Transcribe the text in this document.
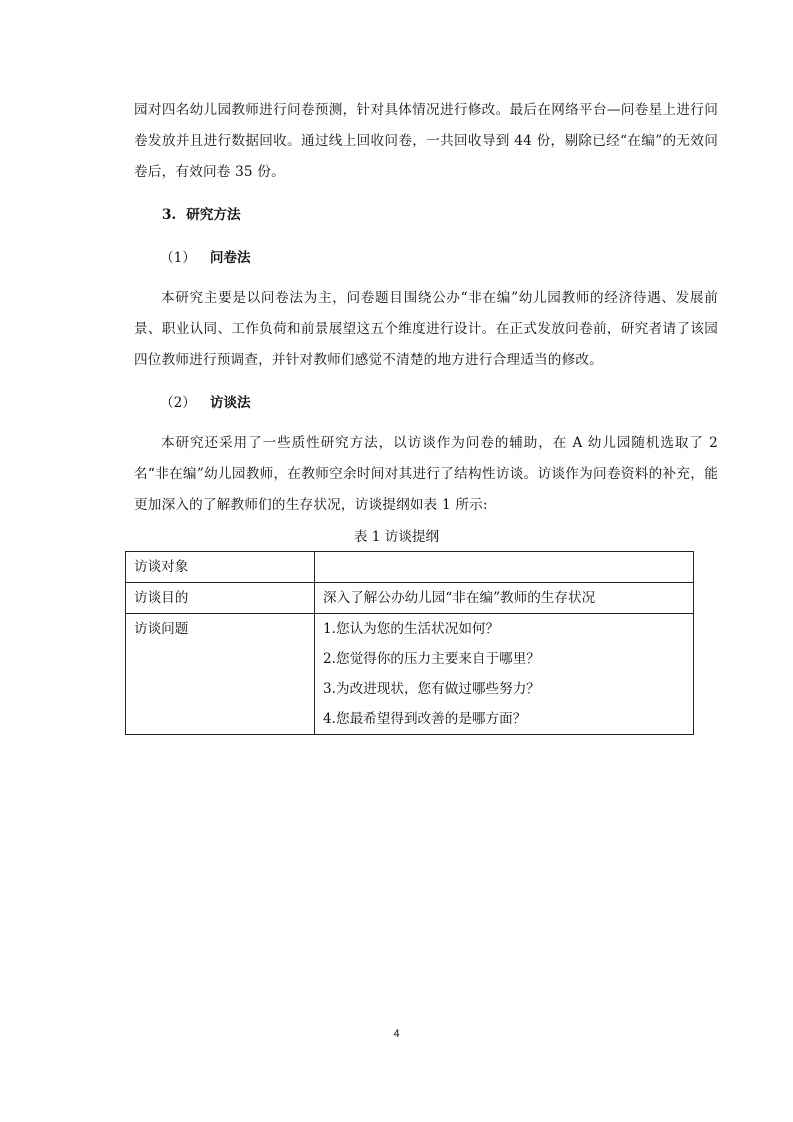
园对四名幼儿园教师进行问卷预测，针对具体情况进行修改。最后在网络平台—问卷星上进行问卷发放并且进行数据回收。通过线上回收问卷，一共回收导到 44 份，剔除已经“在编”的无效问卷后，有效问卷 35 份。

3. 研究方法
（1） 问卷法

本研究主要是以问卷法为主，问卷题目围绕公办“非在编”幼儿园教师的经济待遇、发展前景、职业认同、工作负荷和前景展望这五个维度进行设计。在正式发放问卷前，研究者请了该园四位教师进行预调查，并针对教师们感觉不清楚的地方进行合理适当的修改。

（2） 访谈法

本研究还采用了一些质性研究方法，以访谈作为问卷的辅助，在 A 幼儿园随机选取了 2 名“非在编”幼儿园教师，在教师空余时间对其进行了结构性访谈。访谈作为问卷资料的补充，能更加深入的了解教师们的生存状况，访谈提纲如表 1 所示:

表 1 访谈提纲
访谈对象	
访谈目的	深入了解公办幼儿园“非在编”教师的生存状况
访谈问题	1.您认为您的生活状况如何？
2.您觉得你的压力主要来自于哪里？
3.为改进现状，您有做过哪些努力？
4.您最希望得到改善的是哪方面？
4
